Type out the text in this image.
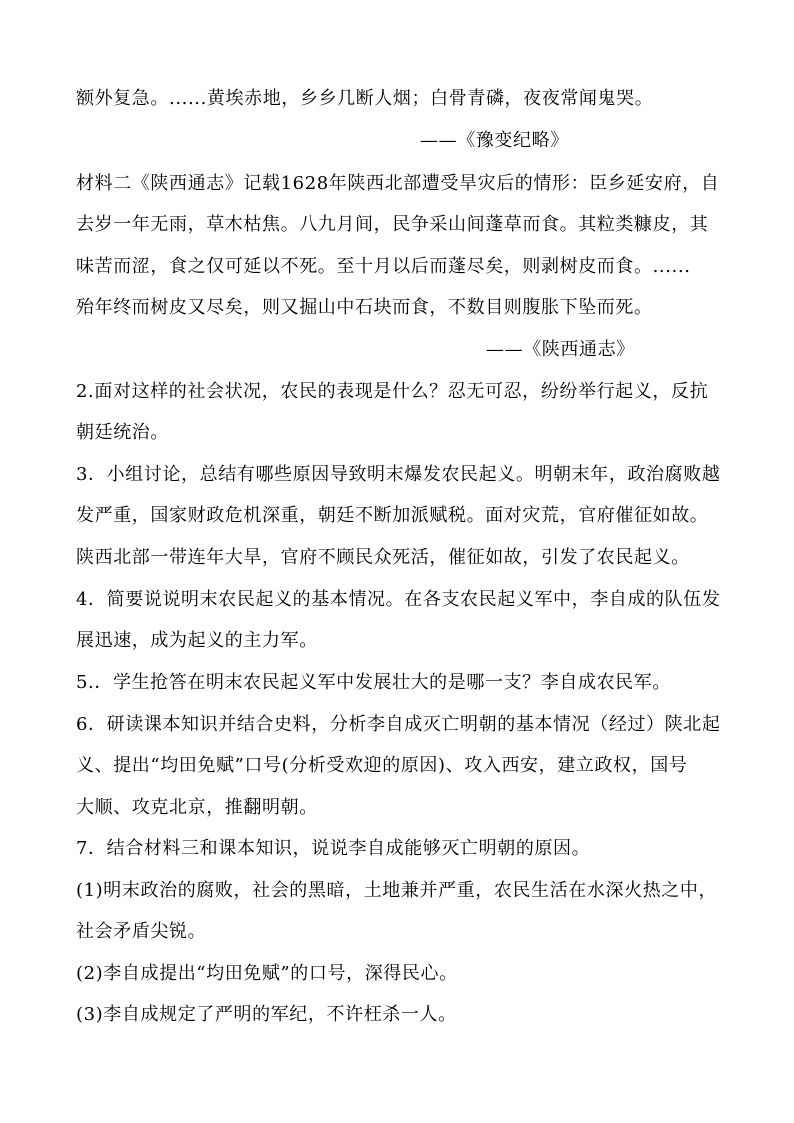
额外复急。......黄埃赤地，乡乡几断人烟；白骨青磷，夜夜常闻鬼哭。
——《豫变纪略》
材料二《陕西通志》记载1628年陕西北部遭受旱灾后的情形：臣乡延安府，自
去岁一年无雨，草木枯焦。八九月间，民争采山间蓬草而食。其粒类糠皮，其
味苦而涩，食之仅可延以不死。至十月以后而蓬尽矣，则剥树皮而食。......
殆年终而树皮又尽矣，则又掘山中石块而食，不数目则腹胀下坠而死。
——《陕西通志》
2.面对这样的社会状况，农民的表现是什么？忍无可忍，纷纷举行起义，反抗
朝廷统治。
3．小组讨论，总结有哪些原因导致明末爆发农民起义。明朝末年，政治腐败越
发严重，国家财政危机深重，朝廷不断加派赋税。面对灾荒，官府催征如故。
陕西北部一带连年大旱，官府不顾民众死活，催征如故，引发了农民起义。
4．简要说说明末农民起义的基本情况。在各支农民起义军中，李自成的队伍发
展迅速，成为起义的主力军。
5.．学生抢答在明末农民起义军中发展壮大的是哪一支？李自成农民军。
6．研读课本知识并结合史料，分析李自成灭亡明朝的基本情况（经过）陕北起
义、提出“均田免赋”口号(分析受欢迎的原因)、攻入西安，建立政权，国号
大顺、攻克北京，推翻明朝。
7．结合材料三和课本知识，说说李自成能够灭亡明朝的原因。
(1)明末政治的腐败，社会的黑暗，土地兼并严重，农民生活在水深火热之中，
社会矛盾尖锐。
(2)李自成提出“均田免赋”的口号，深得民心。
(3)李自成规定了严明的军纪，不许枉杀一人。
